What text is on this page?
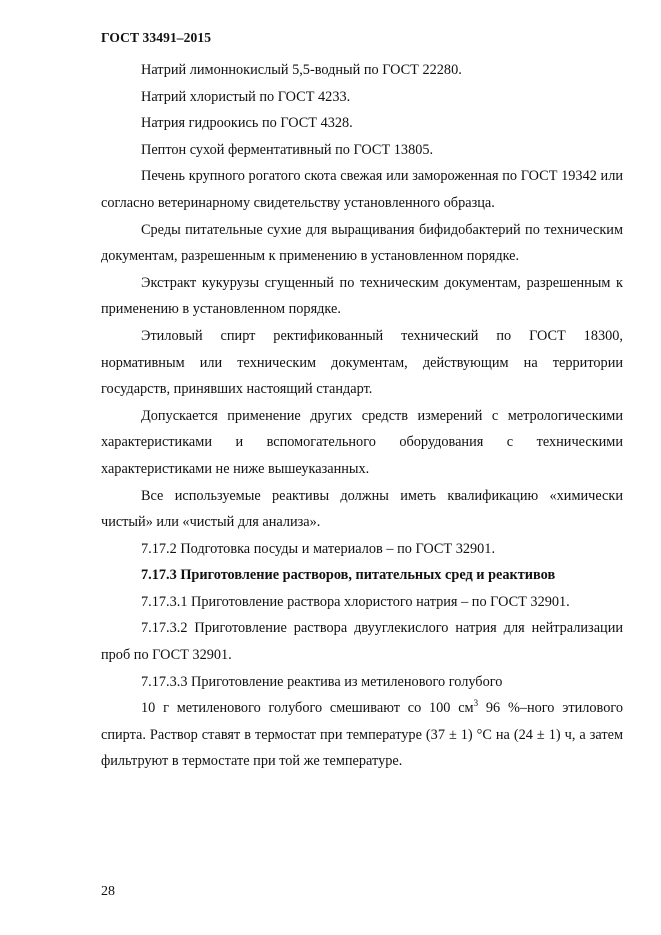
ГОСТ 33491–2015

Натрий лимоннокислый 5,5-водный по ГОСТ 22280.

Натрий хлористый по ГОСТ 4233.

Натрия гидроокись по ГОСТ 4328.

Пептон сухой ферментативный по ГОСТ 13805.

Печень крупного рогатого скота свежая или замороженная по ГОСТ 19342 или согласно ветеринарному свидетельству установленного образца.

Среды питательные сухие для выращивания бифидобактерий по техническим документам, разрешенным к применению в установленном порядке.

Экстракт кукурузы сгущенный по техническим документам, разрешенным к применению в установленном порядке.

Этиловый спирт ректификованный технический по ГОСТ 18300, нормативным или техническим документам, действующим на территории государств, принявших настоящий стандарт.

Допускается применение других средств измерений с метрологическими характеристиками и вспомогательного оборудования с техническими характеристиками не ниже вышеуказанных.

Все используемые реактивы должны иметь квалификацию «химически чистый» или «чистый для анализа».

7.17.2 Подготовка посуды и материалов – по ГОСТ 32901.

7.17.3 Приготовление растворов, питательных сред и реактивов

7.17.3.1 Приготовление раствора хлористого натрия – по ГОСТ 32901.

7.17.3.2 Приготовление раствора двууглекислого натрия для нейтрализации проб по ГОСТ 32901.

7.17.3.3 Приготовление реактива из метиленового голубого

10 г метиленового голубого смешивают со 100 $см^3$ 96 %–ного этилового спирта. Раствор ставят в термостат при температуре (37 ± 1) °С на (24 ± 1) ч, а затем фильтруют в термостате при той же температуре.

28
